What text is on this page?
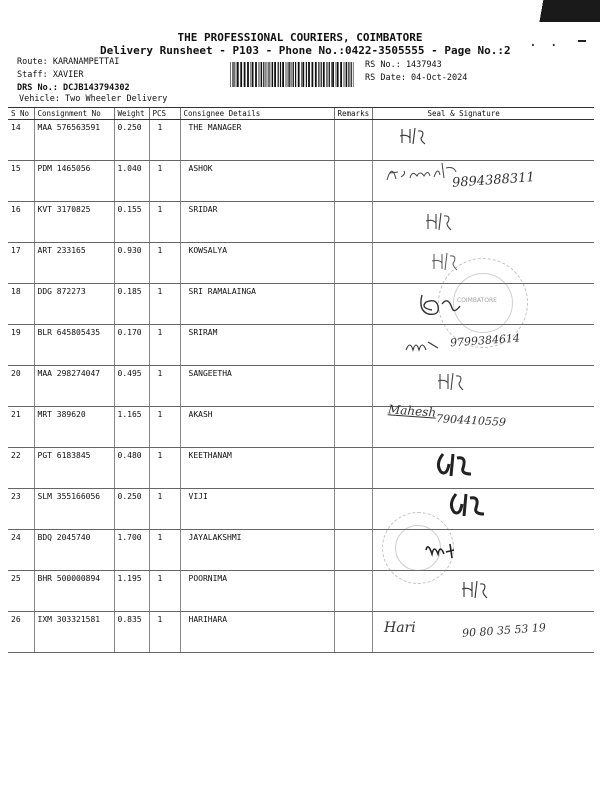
· ·
THE PROFESSIONAL COURIERS, COIMBATORE
Delivery Runsheet - P103 - Phone No.:0422-3505555 - Page No.:2
Route: KARANAMPETTAI
Staff: XAVIER
DRS No.: DCJB143794302
Vehicle: Two Wheeler Delivery
RS No.: 1437943
RS Date: 04-Oct-2024
S No	Consignment No	Weight	PCS	Consignee Details	Remarks	Seal & Signature
14	MAA 576563591	0.250	1	THE MANAGER		
15	PDM 1465056	1.040	1	ASHOK		
16	KVT 3170825	0.155	1	SRIDAR		
17	ART 233165	0.930	1	KOWSALYA		
18	DDG 872273	0.185	1	SRI RAMALAINGA		
19	BLR 645805435	0.170	1	SRIRAM		
20	MAA 298274047	0.495	1	SANGEETHA		
21	MRT 389620	1.165	1	AKASH		
22	PGT 6183845	0.480	1	KEETHANAM		
23	SLM 355166056	0.250	1	VIJI		
24	BDQ 2045740	1.700	1	JAYALAKSHMI		
25	BHR 500000894	1.195	1	POORNIMA		
26	IXM 303321581	0.835	1	HARIHARA		
9894388311
COIMBATORE
9799384614
Mahesh
7904410559
Hari	90 80 35 53 19
